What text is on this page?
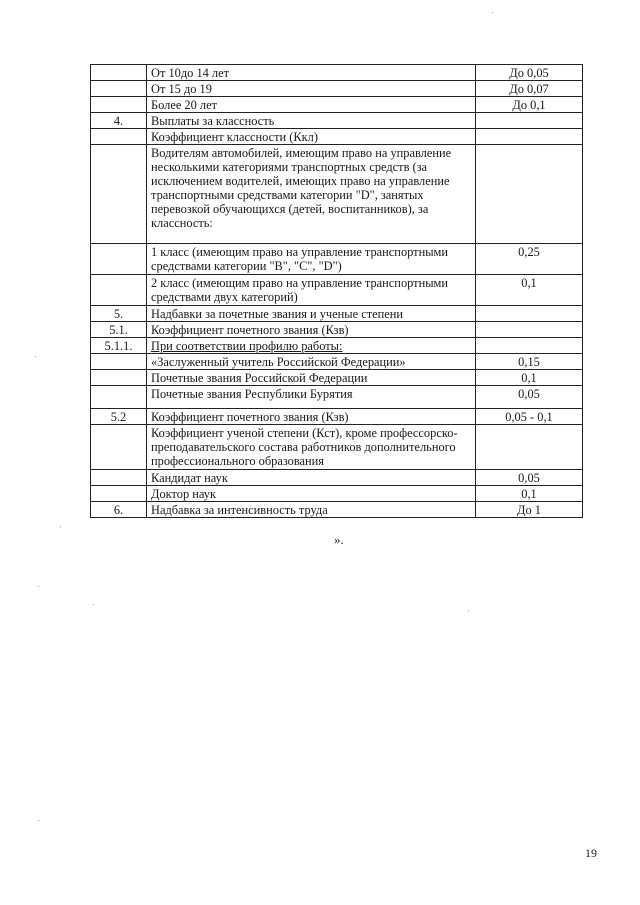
	От 10до 14 лет	До 0,05
	От 15 до 19	До 0,07
	Более 20 лет	До 0,1
4.	Выплаты за классность	
	Коэффициент классности (Ккл)	
	Водителям автомобилей, имеющим право на управление несколькими категориями транспортных средств (за исключением водителей, имеющих право на управление транспортными средствами категории "D", занятых перевозкой обучающихся (детей, воспитанников), за классность:	
	1 класс (имеющим право на управление транспортными средствами категории "B", "C", "D")	0,25
	2 класс (имеющим право на управление транспортными средствами двух категорий)	0,1
5.	Надбавки за почетные звания и ученые степени	
5.1.	Коэффициент почетного звания (Кзв)	
5.1.1.	При соответствии профилю работы:	
	«Заслуженный учитель Российской Федерации»	0,15
	Почетные звания Российской Федерации	0,1
	Почетные звания Республики Бурятия	0,05
5.2	Коэффициент почетного звания (Кзв)	0,05 - 0,1
	Коэффициент ученой степени (Кст), кроме профессорско-преподавательского состава работников дополнительного профессионального образования	
	Кандидат наук	0,05
	Доктор наук	0,1
6.	Надбавка за интенсивность труда	До 1
».
19
